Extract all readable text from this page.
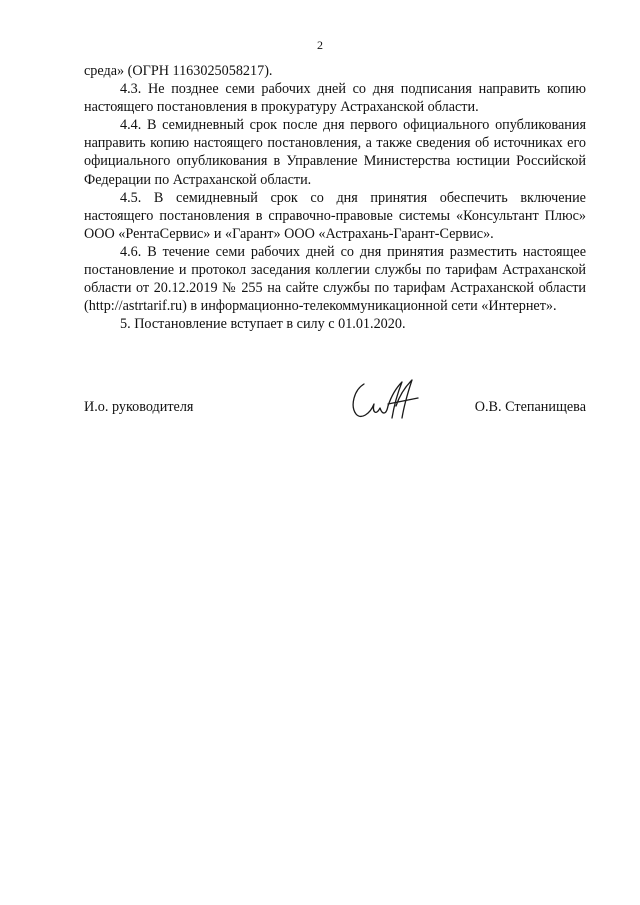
2

среда» (ОГРН 1163025058217).

4.3. Не позднее семи рабочих дней со дня подписания направить копию настоящего постановления в прокуратуру Астраханской области.

4.4. В семидневный срок после дня первого официального опубликования направить копию настоящего постановления, а также сведения об источниках его официального опубликования в Управление Министерства юстиции Российской Федерации по Астраханской области.

4.5. В семидневный срок со дня принятия обеспечить включение настоящего постановления в справочно-правовые системы «Консультант Плюс» ООО «РентаСервис» и «Гарант» ООО «Астрахань-Гарант-Сервис».

4.6. В течение семи рабочих дней со дня принятия разместить настоящее постановление и протокол заседания коллегии службы по тарифам Астраханской области от 20.12.2019 № 255 на сайте службы по тарифам Астраханской области (http://astrtarif.ru) в информационно-телекоммуникационной сети «Интернет».

5. Постановление вступает в силу с 01.01.2020.

И.о. руководителя	О.В. Степанищева
